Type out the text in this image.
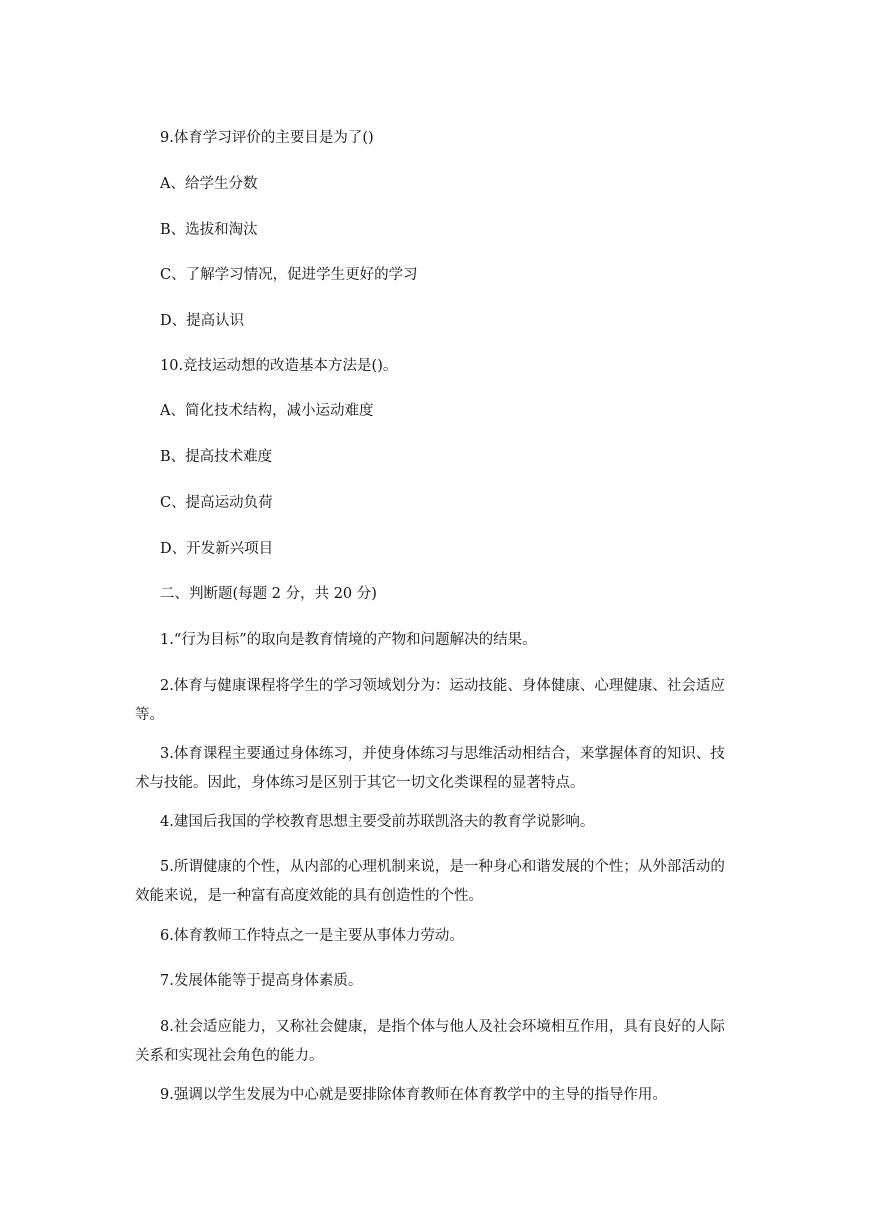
9.体育学习评价的主要目是为了()

A、给学生分数

B、选拔和淘汰

C、了解学习情况，促进学生更好的学习

D、提高认识

10.竞技运动想的改造基本方法是()。

A、简化技术结构，减小运动难度

B、提高技术难度

C、提高运动负荷

D、开发新兴项目

二、判断题(每题 2 分，共 20 分)

1.“行为目标”的取向是教育情境的产物和问题解决的结果。

2.体育与健康课程将学生的学习领域划分为：运动技能、身体健康、心理健康、社会适应等。

3.体育课程主要通过身体练习，并使身体练习与思维活动相结合，来掌握体育的知识、技术与技能。因此，身体练习是区别于其它一切文化类课程的显著特点。

4.建国后我国的学校教育思想主要受前苏联凯洛夫的教育学说影响。

5.所谓健康的个性，从内部的心理机制来说，是一种身心和谐发展的个性；从外部活动的效能来说，是一种富有高度效能的具有创造性的个性。

6.体育教师工作特点之一是主要从事体力劳动。

7.发展体能等于提高身体素质。

8.社会适应能力，又称社会健康，是指个体与他人及社会环境相互作用，具有良好的人际关系和实现社会角色的能力。

9.强调以学生发展为中心就是要排除体育教师在体育教学中的主导的指导作用。
